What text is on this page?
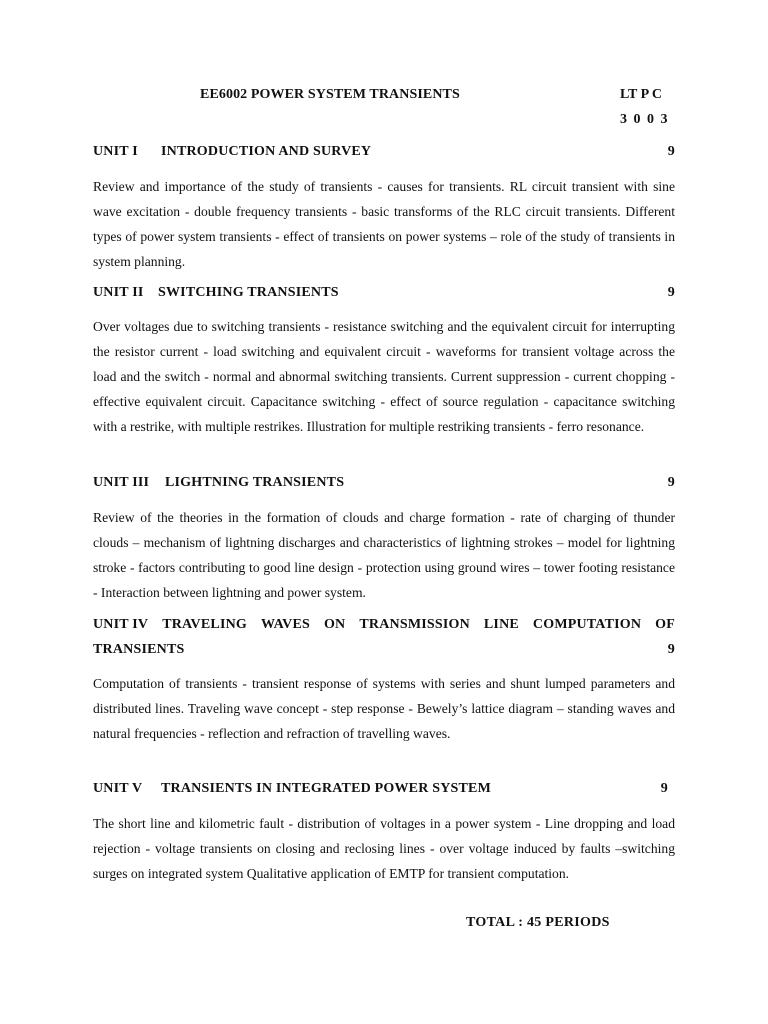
EE6002 POWER SYSTEM TRANSIENTS	LT P C
3 0 0 3
UNIT I INTRODUCTION AND SURVEY	9

Review and importance of the study of transients - causes for transients. RL circuit transient with sine wave excitation - double frequency transients - basic transforms of the RLC circuit transients. Different types of power system transients - effect of transients on power systems – role of the study of transients in system planning.

UNIT II SWITCHING TRANSIENTS	9

Over voltages due to switching transients - resistance switching and the equivalent circuit for interrupting the resistor current - load switching and equivalent circuit - waveforms for transient voltage across the load and the switch - normal and abnormal switching transients. Current suppression - current chopping - effective equivalent circuit. Capacitance switching - effect of source regulation - capacitance switching with a restrike, with multiple restrikes. Illustration for multiple restriking transients - ferro resonance.

UNIT III LIGHTNING TRANSIENTS	9

Review of the theories in the formation of clouds and charge formation - rate of charging of thunder clouds – mechanism of lightning discharges and characteristics of lightning strokes – model for lightning stroke - factors contributing to good line design - protection using ground wires – tower footing resistance - Interaction between lightning and power system.

UNIT IV TRAVELING WAVES ON TRANSMISSION LINE COMPUTATION OF
TRANSIENTS	9

Computation of transients - transient response of systems with series and shunt lumped parameters and distributed lines. Traveling wave concept - step response - Bewely’s lattice diagram – standing waves and natural frequencies - reflection and refraction of travelling waves.

UNIT V TRANSIENTS IN INTEGRATED POWER SYSTEM	9

The short line and kilometric fault - distribution of voltages in a power system - Line dropping and load rejection - voltage transients on closing and reclosing lines - over voltage induced by faults –switching surges on integrated system Qualitative application of EMTP for transient computation.

TOTAL : 45 PERIODS
